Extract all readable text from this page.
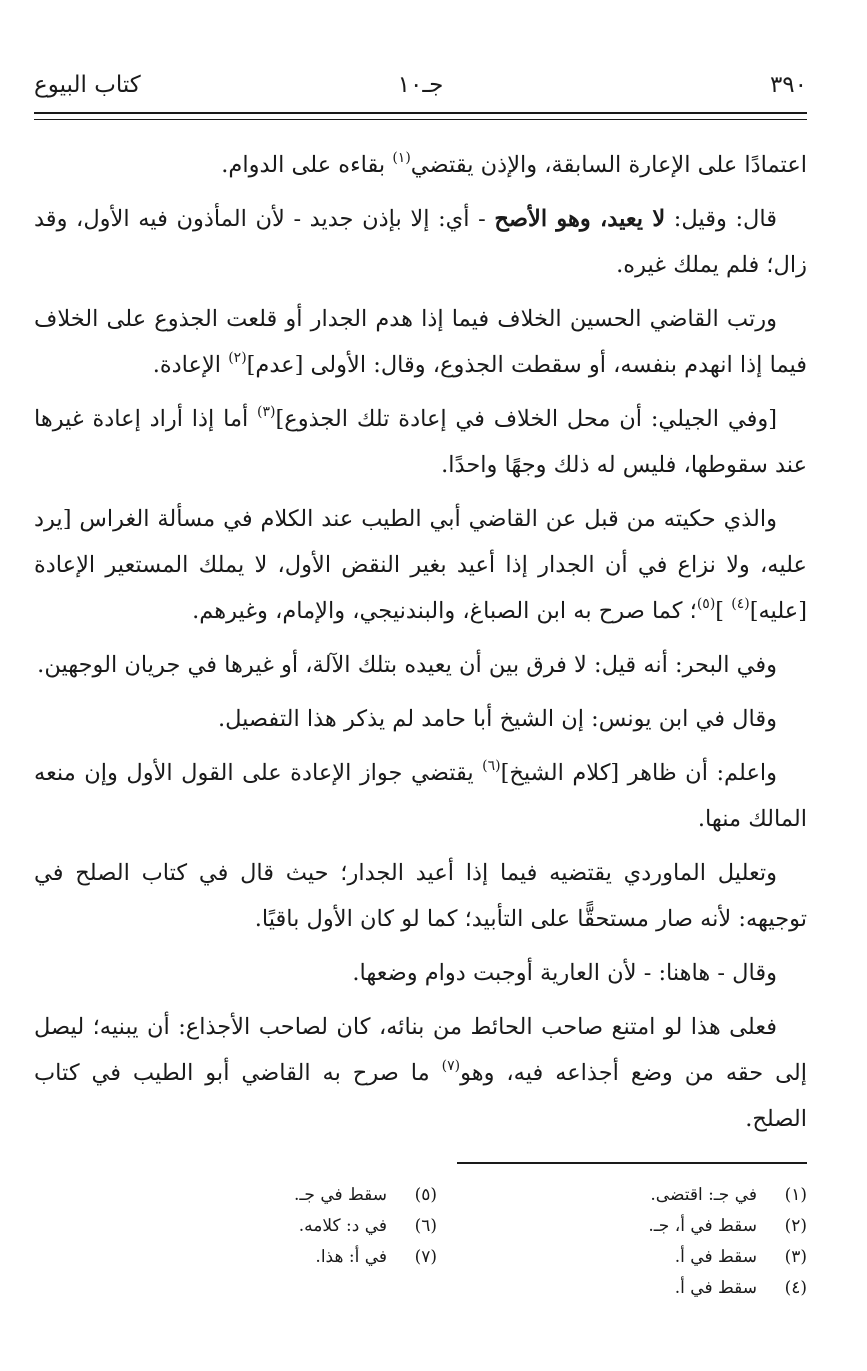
٣٩٠
جـ١٠
كتاب البيوع

اعتمادًا على الإعارة السابقة، والإذن يقتضي$^{(١)}$ بقاءه على الدوام.

قال: وقيل: لا يعيد، وهو الأصح - أي: إلا بإذن جديد - لأن المأذون فيه الأول، وقد زال؛ فلم يملك غيره.

ورتب القاضي الحسين الخلاف فيما إذا هدم الجدار أو قلعت الجذوع على الخلاف فيما إذا انهدم بنفسه، أو سقطت الجذوع، وقال: الأولى [عدم]$^{(٢)}$ الإعادة.

[وفي الجيلي: أن محل الخلاف في إعادة تلك الجذوع]$^{(٣)}$ أما إذا أراد إعادة غيرها عند سقوطها، فليس له ذلك وجهًا واحدًا.

والذي حكيته من قبل عن القاضي أبي الطيب عند الكلام في مسألة الغراس [يرد عليه، ولا نزاع في أن الجدار إذا أعيد بغير النقض الأول، لا يملك المستعير الإعادة [عليه]$^{(٤)}$ ]$^{(٥)}$؛ كما صرح به ابن الصباغ، والبندنيجي، والإمام، وغيرهم.

وفي البحر: أنه قيل: لا فرق بين أن يعيده بتلك الآلة، أو غيرها في جريان الوجهين.

وقال في ابن يونس: إن الشيخ أبا حامد لم يذكر هذا التفصيل.

واعلم: أن ظاهر [كلام الشيخ]$^{(٦)}$ يقتضي جواز الإعادة على القول الأول وإن منعه المالك منها.

وتعليل الماوردي يقتضيه فيما إذا أعيد الجدار؛ حيث قال في كتاب الصلح في توجيهه: لأنه صار مستحقًّا على التأبيد؛ كما لو كان الأول باقيًا.

وقال - هاهنا: - لأن العارية أوجبت دوام وضعها.

فعلى هذا لو امتنع صاحب الحائط من بنائه، كان لصاحب الأجذاع: أن يبنيه؛ ليصل إلى حقه من وضع أجذاعه فيه، وهو$^{(٧)}$ ما صرح به القاضي أبو الطيب في كتاب الصلح.

(١)في جـ: اقتضى.
(٢)سقط في أ، جـ.
(٣)سقط في أ.
(٤)سقط في أ.
(٥)سقط في جـ.
(٦)في د: كلامه.
(٧)في أ: هذا.
